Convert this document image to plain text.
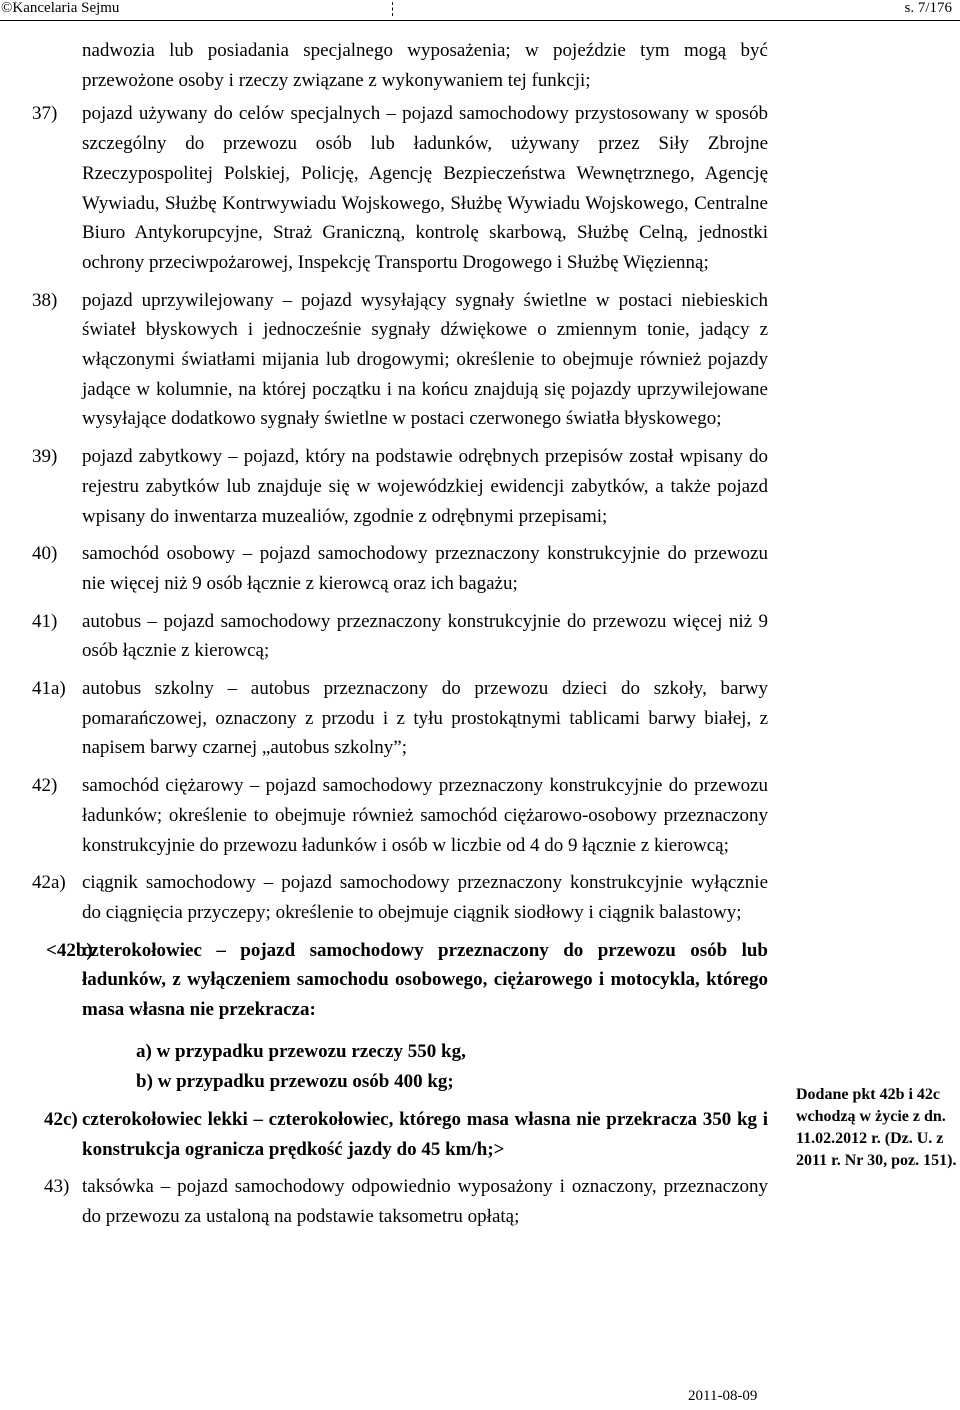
©Kancelaria Sejmu	s. 7/176

nadwozia lub posiadania specjalnego wyposażenia; w pojeździe tym mogą być przewożone osoby i rzeczy związane z wykonywaniem tej funkcji;

37) pojazd używany do celów specjalnych – pojazd samochodowy przystosowany w sposób szczególny do przewozu osób lub ładunków, używany przez Siły Zbrojne Rzeczypospolitej Polskiej, Policję, Agencję Bezpieczeństwa Wewnętrznego, Agencję Wywiadu, Służbę Kontrwywiadu Wojskowego, Służbę Wywiadu Wojskowego, Centralne Biuro Antykorupcyjne, Straż Graniczną, kontrolę skarbową, Służbę Celną, jednostki ochrony przeciwpożarowej, Inspekcję Transportu Drogowego i Służbę Więzienną;
38) pojazd uprzywilejowany – pojazd wysyłający sygnały świetlne w postaci niebieskich świateł błyskowych i jednocześnie sygnały dźwiękowe o zmiennym tonie, jadący z włączonymi światłami mijania lub drogowymi; określenie to obejmuje również pojazdy jadące w kolumnie, na której początku i na końcu znajdują się pojazdy uprzywilejowane wysyłające dodatkowo sygnały świetlne w postaci czerwonego światła błyskowego;
39) pojazd zabytkowy – pojazd, który na podstawie odrębnych przepisów został wpisany do rejestru zabytków lub znajduje się w wojewódzkiej ewidencji zabytków, a także pojazd wpisany do inwentarza muzealiów, zgodnie z odrębnymi przepisami;
40) samochód osobowy – pojazd samochodowy przeznaczony konstrukcyjnie do przewozu nie więcej niż 9 osób łącznie z kierowcą oraz ich bagażu;
41) autobus – pojazd samochodowy przeznaczony konstrukcyjnie do przewozu więcej niż 9 osób łącznie z kierowcą;
41a) autobus szkolny – autobus przeznaczony do przewozu dzieci do szkoły, barwy pomarańczowej, oznaczony z przodu i z tyłu prostokątnymi tablicami barwy białej, z napisem barwy czarnej „autobus szkolny”;
42) samochód ciężarowy – pojazd samochodowy przeznaczony konstrukcyjnie do przewozu ładunków; określenie to obejmuje również samochód ciężarowo-osobowy przeznaczony konstrukcyjnie do przewozu ładunków i osób w liczbie od 4 do 9 łącznie z kierowcą;
42a) ciągnik samochodowy – pojazd samochodowy przeznaczony konstrukcyjnie wyłącznie do ciągnięcia przyczepy; określenie to obejmuje ciągnik siodłowy i ciągnik balastowy;
<42b)
czterokołowiec – pojazd samochodowy przeznaczony do przewozu osób lub ładunków, z wyłączeniem samochodu osobowego, ciężarowego i motocykla, którego masa własna nie przekracza:
a) w przypadku przewozu rzeczy 550 kg,
b) w przypadku przewozu osób 400 kg;
42c) czterokołowiec lekki – czterokołowiec, którego masa własna nie przekracza 350 kg i konstrukcja ogranicza prędkość jazdy do 45 km/h;>
43) taksówka – pojazd samochodowy odpowiednio wyposażony i oznaczony, przeznaczony do przewozu za ustaloną na podstawie taksometru opłatą;
Dodane pkt 42b i 42c wchodzą w życie z dn. 11.02.2012 r. (Dz. U. z 2011 r. Nr 30, poz. 151).
2011-08-09
